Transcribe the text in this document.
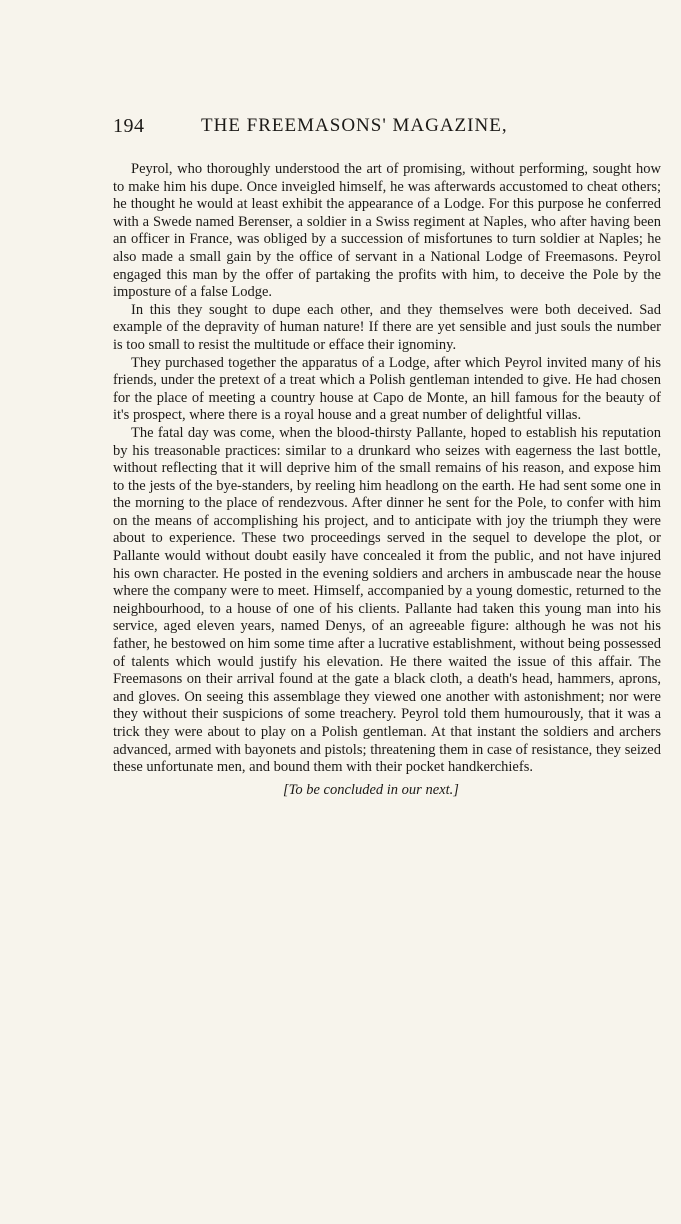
194	THE FREEMASONS' MAGAZINE,

Peyrol, who thoroughly understood the art of promising, without performing, sought how to make him his dupe. Once inveigled himself, he was afterwards accustomed to cheat others; he thought he would at least exhibit the appearance of a Lodge. For this purpose he conferred with a Swede named Berenser, a soldier in a Swiss regiment at Naples, who after having been an officer in France, was obliged by a succession of misfortunes to turn soldier at Naples; he also made a small gain by the office of servant in a National Lodge of Freemasons. Peyrol engaged this man by the offer of partaking the profits with him, to deceive the Pole by the imposture of a false Lodge.

In this they sought to dupe each other, and they themselves were both deceived. Sad example of the depravity of human nature! If there are yet sensible and just souls the number is too small to resist the multitude or efface their ignominy.

They purchased together the apparatus of a Lodge, after which Peyrol invited many of his friends, under the pretext of a treat which a Polish gentleman intended to give. He had chosen for the place of meeting a country house at Capo de Monte, an hill famous for the beauty of it's prospect, where there is a royal house and a great number of delightful villas.

The fatal day was come, when the blood-thirsty Pallante, hoped to establish his reputation by his treasonable practices: similar to a drunkard who seizes with eagerness the last bottle, without reflecting that it will deprive him of the small remains of his reason, and expose him to the jests of the bye-standers, by reeling him headlong on the earth. He had sent some one in the morning to the place of rendezvous. After dinner he sent for the Pole, to confer with him on the means of accomplishing his project, and to anticipate with joy the triumph they were about to experience. These two proceedings served in the sequel to develope the plot, or Pallante would without doubt easily have concealed it from the public, and not have injured his own character. He posted in the evening soldiers and archers in ambuscade near the house where the company were to meet. Himself, accompanied by a young domestic, returned to the neighbourhood, to a house of one of his clients. Pallante had taken this young man into his service, aged eleven years, named Denys, of an agreeable figure: although he was not his father, he bestowed on him some time after a lucrative establishment, without being possessed of talents which would justify his elevation. He there waited the issue of this affair. The Freemasons on their arrival found at the gate a black cloth, a death's head, hammers, aprons, and gloves. On seeing this assemblage they viewed one another with astonishment; nor were they without their suspicions of some treachery. Peyrol told them humourously, that it was a trick they were about to play on a Polish gentleman. At that instant the soldiers and archers advanced, armed with bayonets and pistols; threatening them in case of resistance, they seized these unfortunate men, and bound them with their pocket handkerchiefs.

[To be concluded in our next.]
